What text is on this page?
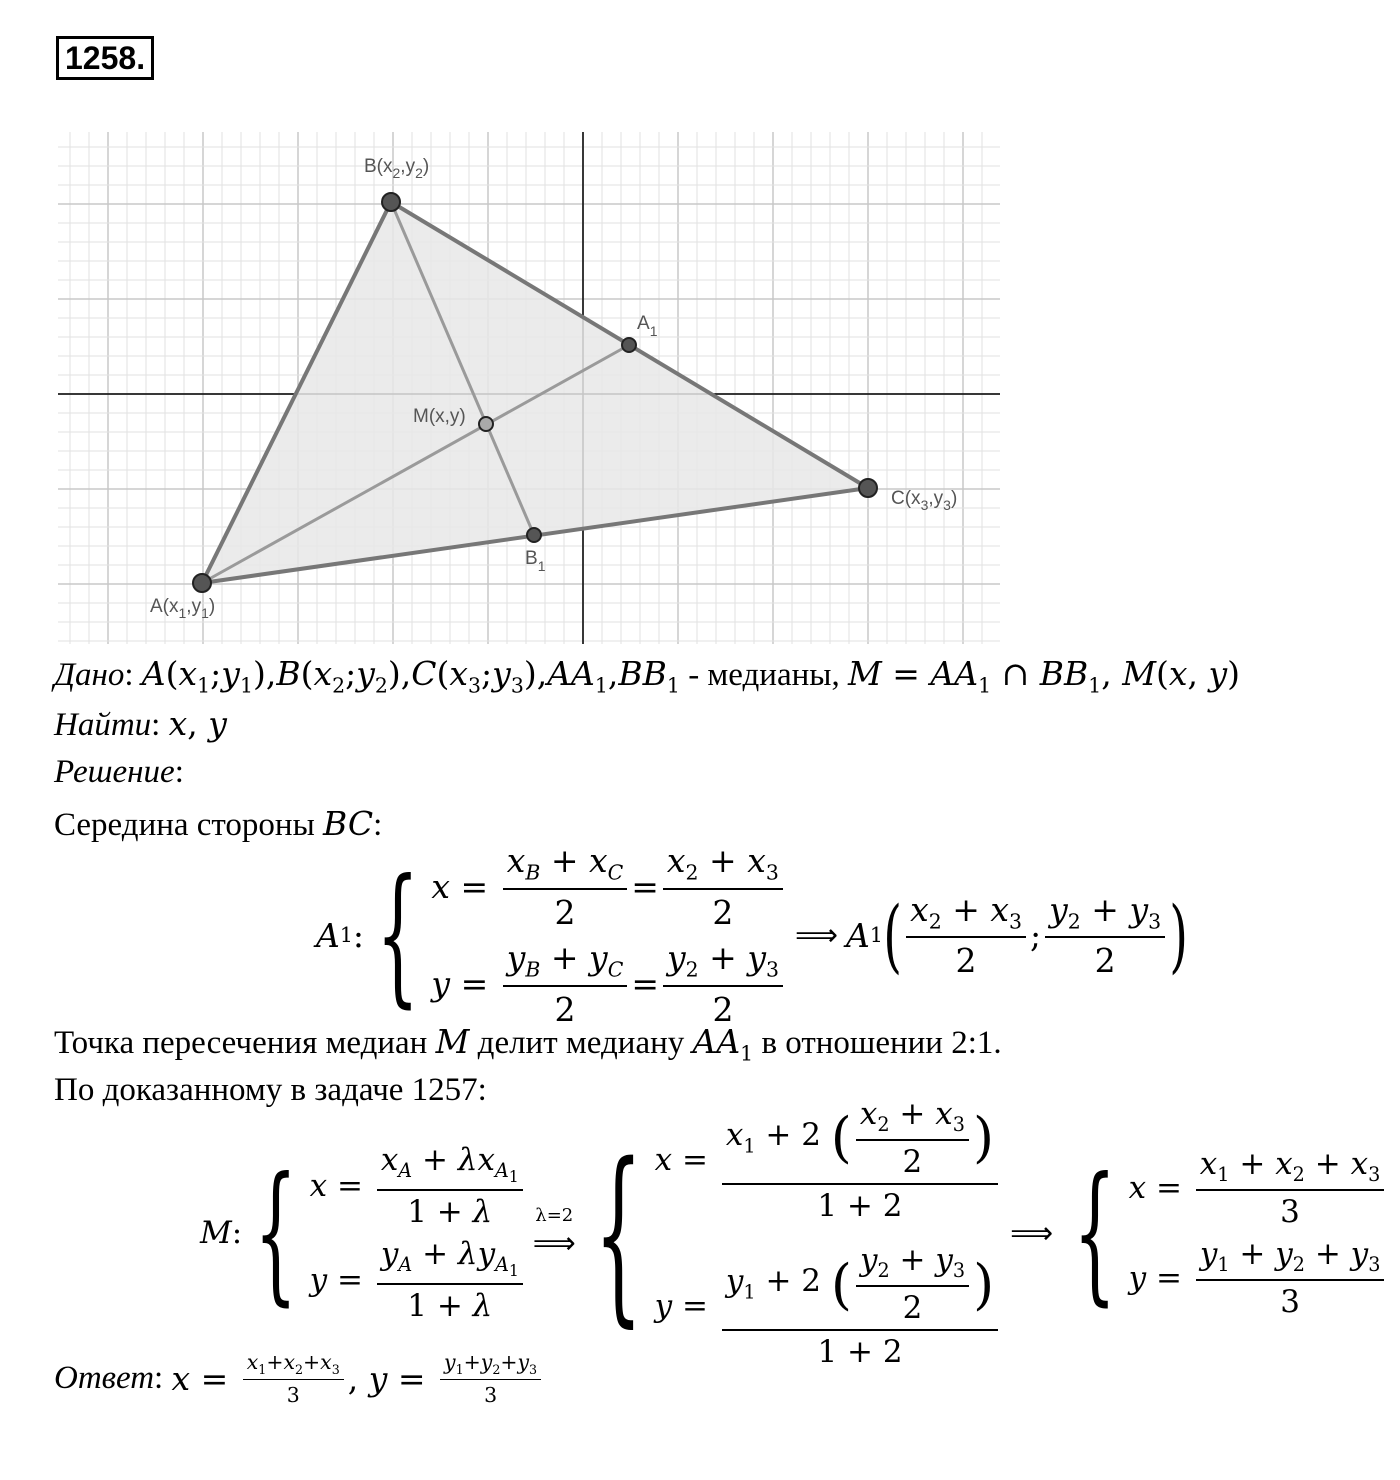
1258.
$B(x_2,y_2)$
$A_1$
M(x,y)
$C(x_3,y_3)$
$B_1$
$A(x_1,y_1)$
Дано: $A(x_1;y_1),B(x_2;y_2),C(x_3;y_3),AA_1,BB_1$ - медианы, $M = AA_1$ ∩ $BB_1$, M(x, y)
Найти: x, y
Решение:
Середина стороны BC:
A 1 : { $x = \frac{x_B + x_C}{2} = \frac{x_2 + x_3}{2}$
$y = \frac{y_B + y_C}{2} = \frac{y_2 + y_3}{2}$
⟹ A 1 ( $\frac{x_2 + x_3}{2}$ ; $\frac{y_2 + y_3}{2}$ )
Точка пересечения медиан M делит медиану $AA_1$ в отношении 2:1.
По доказанному в задаче 1257:
M : { $x = \frac{x_A + \lambda x_{A_1}}{1 + \lambda}$
$y = \frac{y_A + \lambda y_{A_1}}{1 + \lambda}$
λ=2
⟹ { $x = \frac{x_1 + 2 ( \frac{x_2 + x_3}{2} )}{1 + 2}$
$y = \frac{y_1 + 2 ( \frac{y_2 + y_3}{2} )}{1 + 2}$
⟹ { $x = \frac{x_1 + x_2 + x_3}{3}$
$y = \frac{y_1 + y_2 + y_3}{3}$
Ответ : $x = \frac{x_1+x_2+x_3}{3}$ , $y = \frac{y_1+y_2+y_3}{3}$
